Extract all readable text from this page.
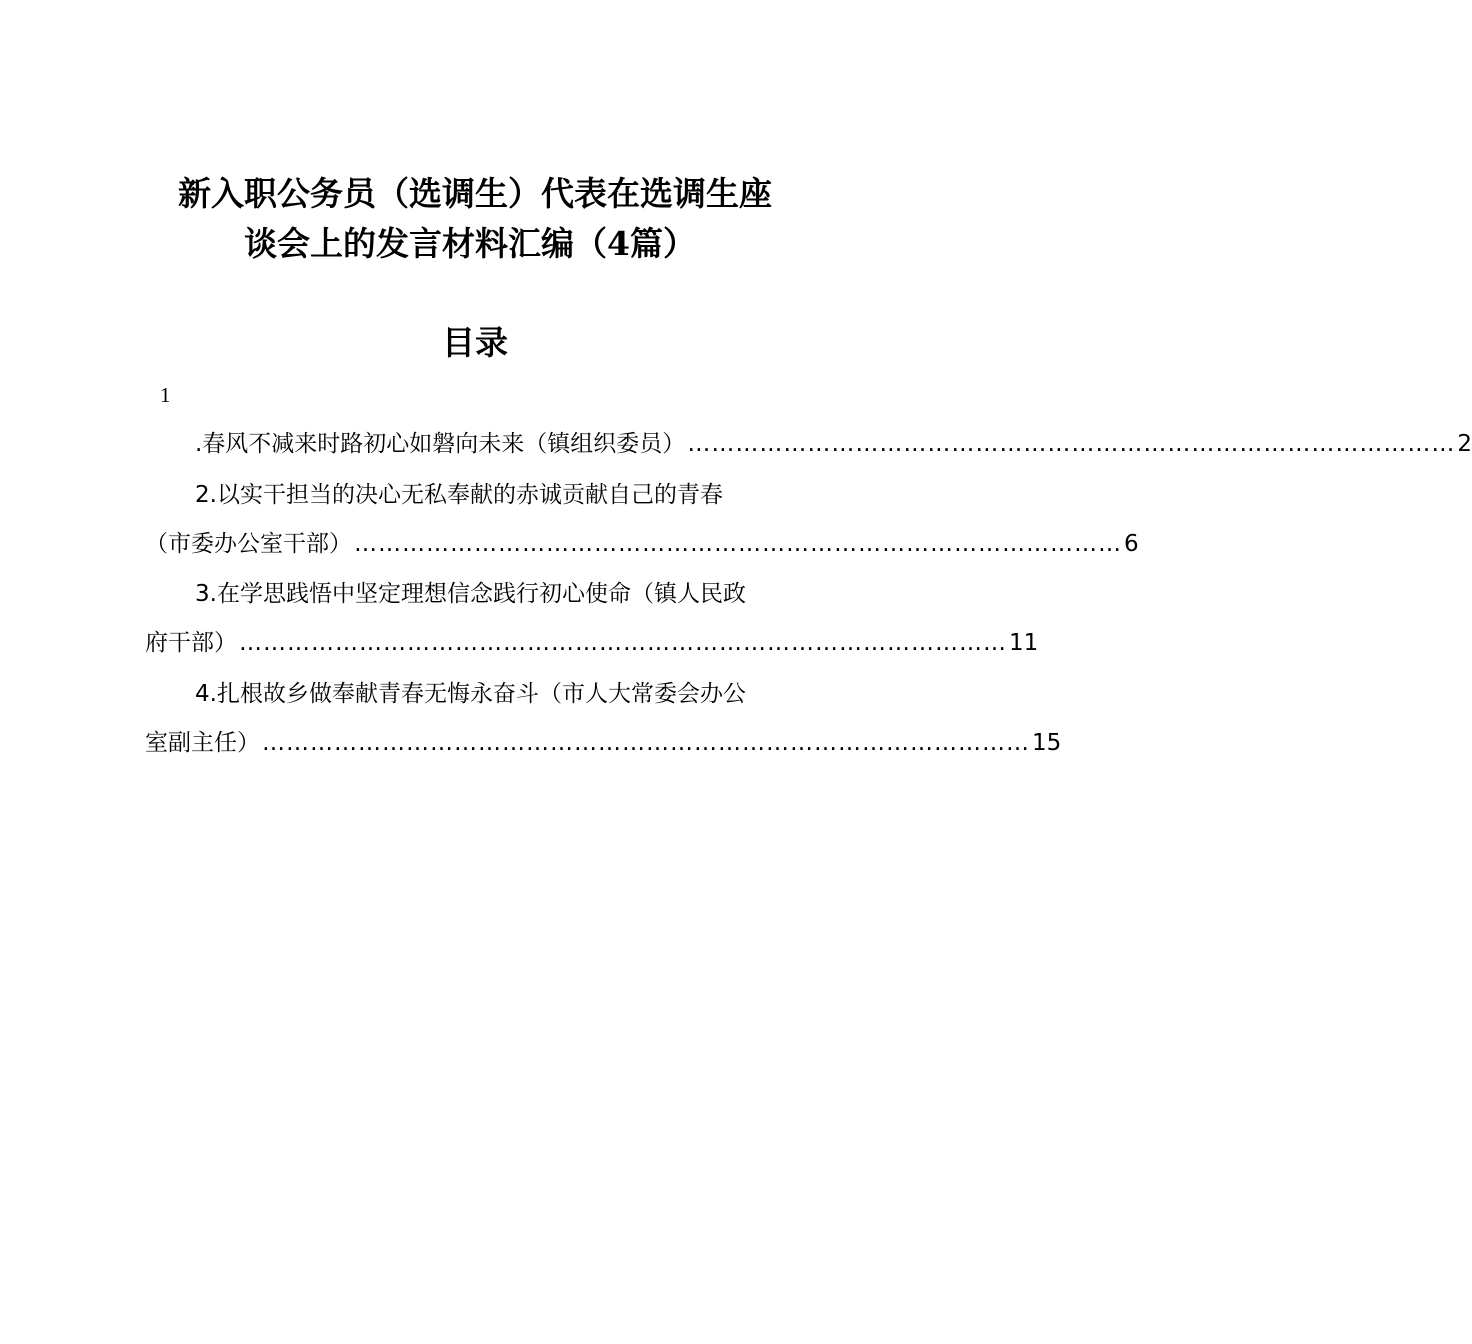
新入职公务员（选调生）代表在选调生座
谈会上的发言材料汇编（4篇）
目录
1
.春风不减来时路初心如磐向未来（镇组织委员） …………………………………………………………………………………… 2
2.以实干担当的决心无私奉献的赤诚贡献自己的青春
（市委办公室干部） …………………………………………………………………………………… 6
3.在学思践悟中坚定理想信念践行初心使命（镇人民政
府干部） …………………………………………………………………………………… 11
4.扎根故乡做奉献青春无悔永奋斗（市人大常委会办公
室副主任） …………………………………………………………………………………… 15
